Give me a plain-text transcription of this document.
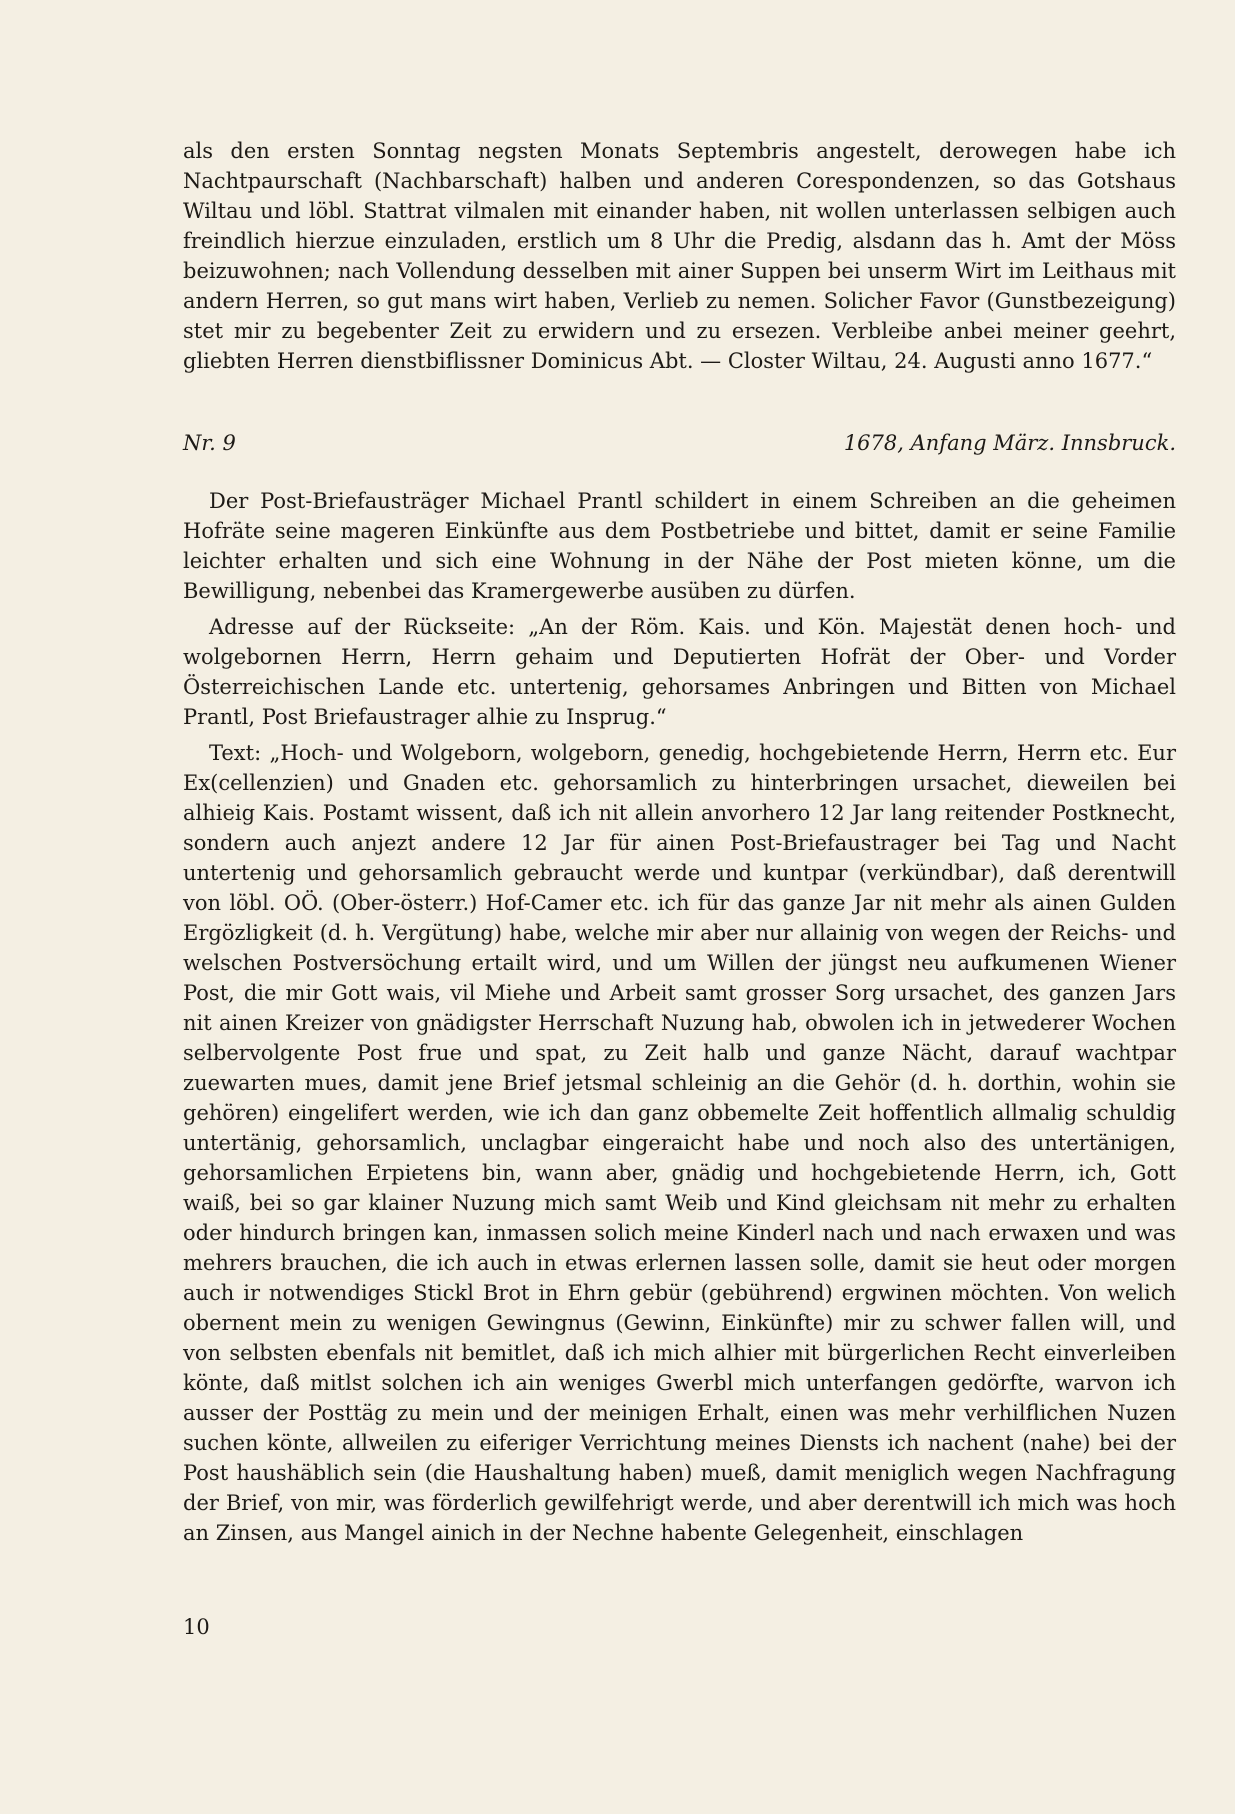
als den ersten Sonntag negsten Monats Septembris angestelt, derowegen habe ich Nachtpaurschaft (Nachbarschaft) halben und anderen Corespondenzen, so das Gotshaus Wiltau und löbl. Stattrat vilmalen mit einander haben, nit wollen unterlassen selbigen auch freindlich hierzue einzuladen, erstlich um 8 Uhr die Predig, alsdann das h. Amt der Möss beizuwohnen; nach Vollendung desselben mit ainer Suppen bei unserm Wirt im Leithaus mit andern Herren, so gut mans wirt haben, Verlieb zu nemen. Solicher Favor (Gunstbezeigung) stet mir zu begebenter Zeit zu erwidern und zu ersezen. Verbleibe anbei meiner geehrt, gliebten Herren dienstbiflissner Dominicus Abt. — Closter Wiltau, 24. Augusti anno 1677.“

Nr. 9	1678, Anfang März. Innsbruck.

Der Post-Briefausträger Michael Prantl schildert in einem Schreiben an die geheimen Hofräte seine mageren Einkünfte aus dem Postbetriebe und bittet, damit er seine Familie leichter erhalten und sich eine Wohnung in der Nähe der Post mieten könne, um die Bewilligung, nebenbei das Kramergewerbe ausüben zu dürfen.

Adresse auf der Rückseite: „An der Röm. Kais. und Kön. Majestät denen hoch- und wolgebornen Herrn, Herrn gehaim und Deputierten Hofrät der Ober- und Vorder Österreichischen Lande etc. untertenig, gehorsames Anbringen und Bitten von Michael Prantl, Post Briefaustrager alhie zu Insprug.“

Text: „Hoch- und Wolgeborn, wolgeborn, genedig, hochgebietende Herrn, Herrn etc. Eur Ex(cellenzien) und Gnaden etc. gehorsamlich zu hinterbringen ursachet, dieweilen bei alhieig Kais. Postamt wissent, daß ich nit allein anvorhero 12 Jar lang reitender Postknecht, sondern auch anjezt andere 12 Jar für ainen Post-Briefaustrager bei Tag und Nacht untertenig und gehorsamlich gebraucht werde und kuntpar (verkündbar), daß derentwill von löbl. OÖ. (Ober-österr.) Hof-Camer etc. ich für das ganze Jar nit mehr als ainen Gulden Ergözligkeit (d. h. Vergütung) habe, welche mir aber nur allainig von wegen der Reichs- und welschen Postversöchung ertailt wird, und um Willen der jüngst neu aufkumenen Wiener Post, die mir Gott wais, vil Miehe und Arbeit samt grosser Sorg ursachet, des ganzen Jars nit ainen Kreizer von gnädigster Herrschaft Nuzung hab, obwolen ich in jetwederer Wochen selbervolgente Post frue und spat, zu Zeit halb und ganze Nächt, darauf wachtpar zuewarten mues, damit jene Brief jetsmal schleinig an die Gehör (d. h. dorthin, wohin sie gehören) eingelifert werden, wie ich dan ganz obbemelte Zeit hoffentlich allmalig schuldig untertänig, gehorsamlich, unclagbar eingeraicht habe und noch also des untertänigen, gehorsamlichen Erpietens bin, wann aber, gnädig und hochgebietende Herrn, ich, Gott waiß, bei so gar klainer Nuzung mich samt Weib und Kind gleichsam nit mehr zu erhalten oder hindurch bringen kan, inmassen solich meine Kinderl nach und nach erwaxen und was mehrers brauchen, die ich auch in etwas erlernen lassen solle, damit sie heut oder morgen auch ir notwendiges Stickl Brot in Ehrn gebür (gebührend) ergwinen möchten. Von welich obernent mein zu wenigen Gewingnus (Gewinn, Einkünfte) mir zu schwer fallen will, und von selbsten ebenfals nit bemitlet, daß ich mich alhier mit bürgerlichen Recht einverleiben könte, daß mitlst solchen ich ain weniges Gwerbl mich unterfangen gedörfte, warvon ich ausser der Posttäg zu mein und der meinigen Erhalt, einen was mehr verhilflichen Nuzen suchen könte, allweilen zu eiferiger Verrichtung meines Diensts ich nachent (nahe) bei der Post haushäblich sein (die Haushaltung haben) mueß, damit meniglich wegen Nachfragung der Brief, von mir, was förderlich gewilfehrigt werde, und aber derentwill ich mich was hoch an Zinsen, aus Mangel ainich in der Nechne habente Gelegenheit, einschlagen

10
